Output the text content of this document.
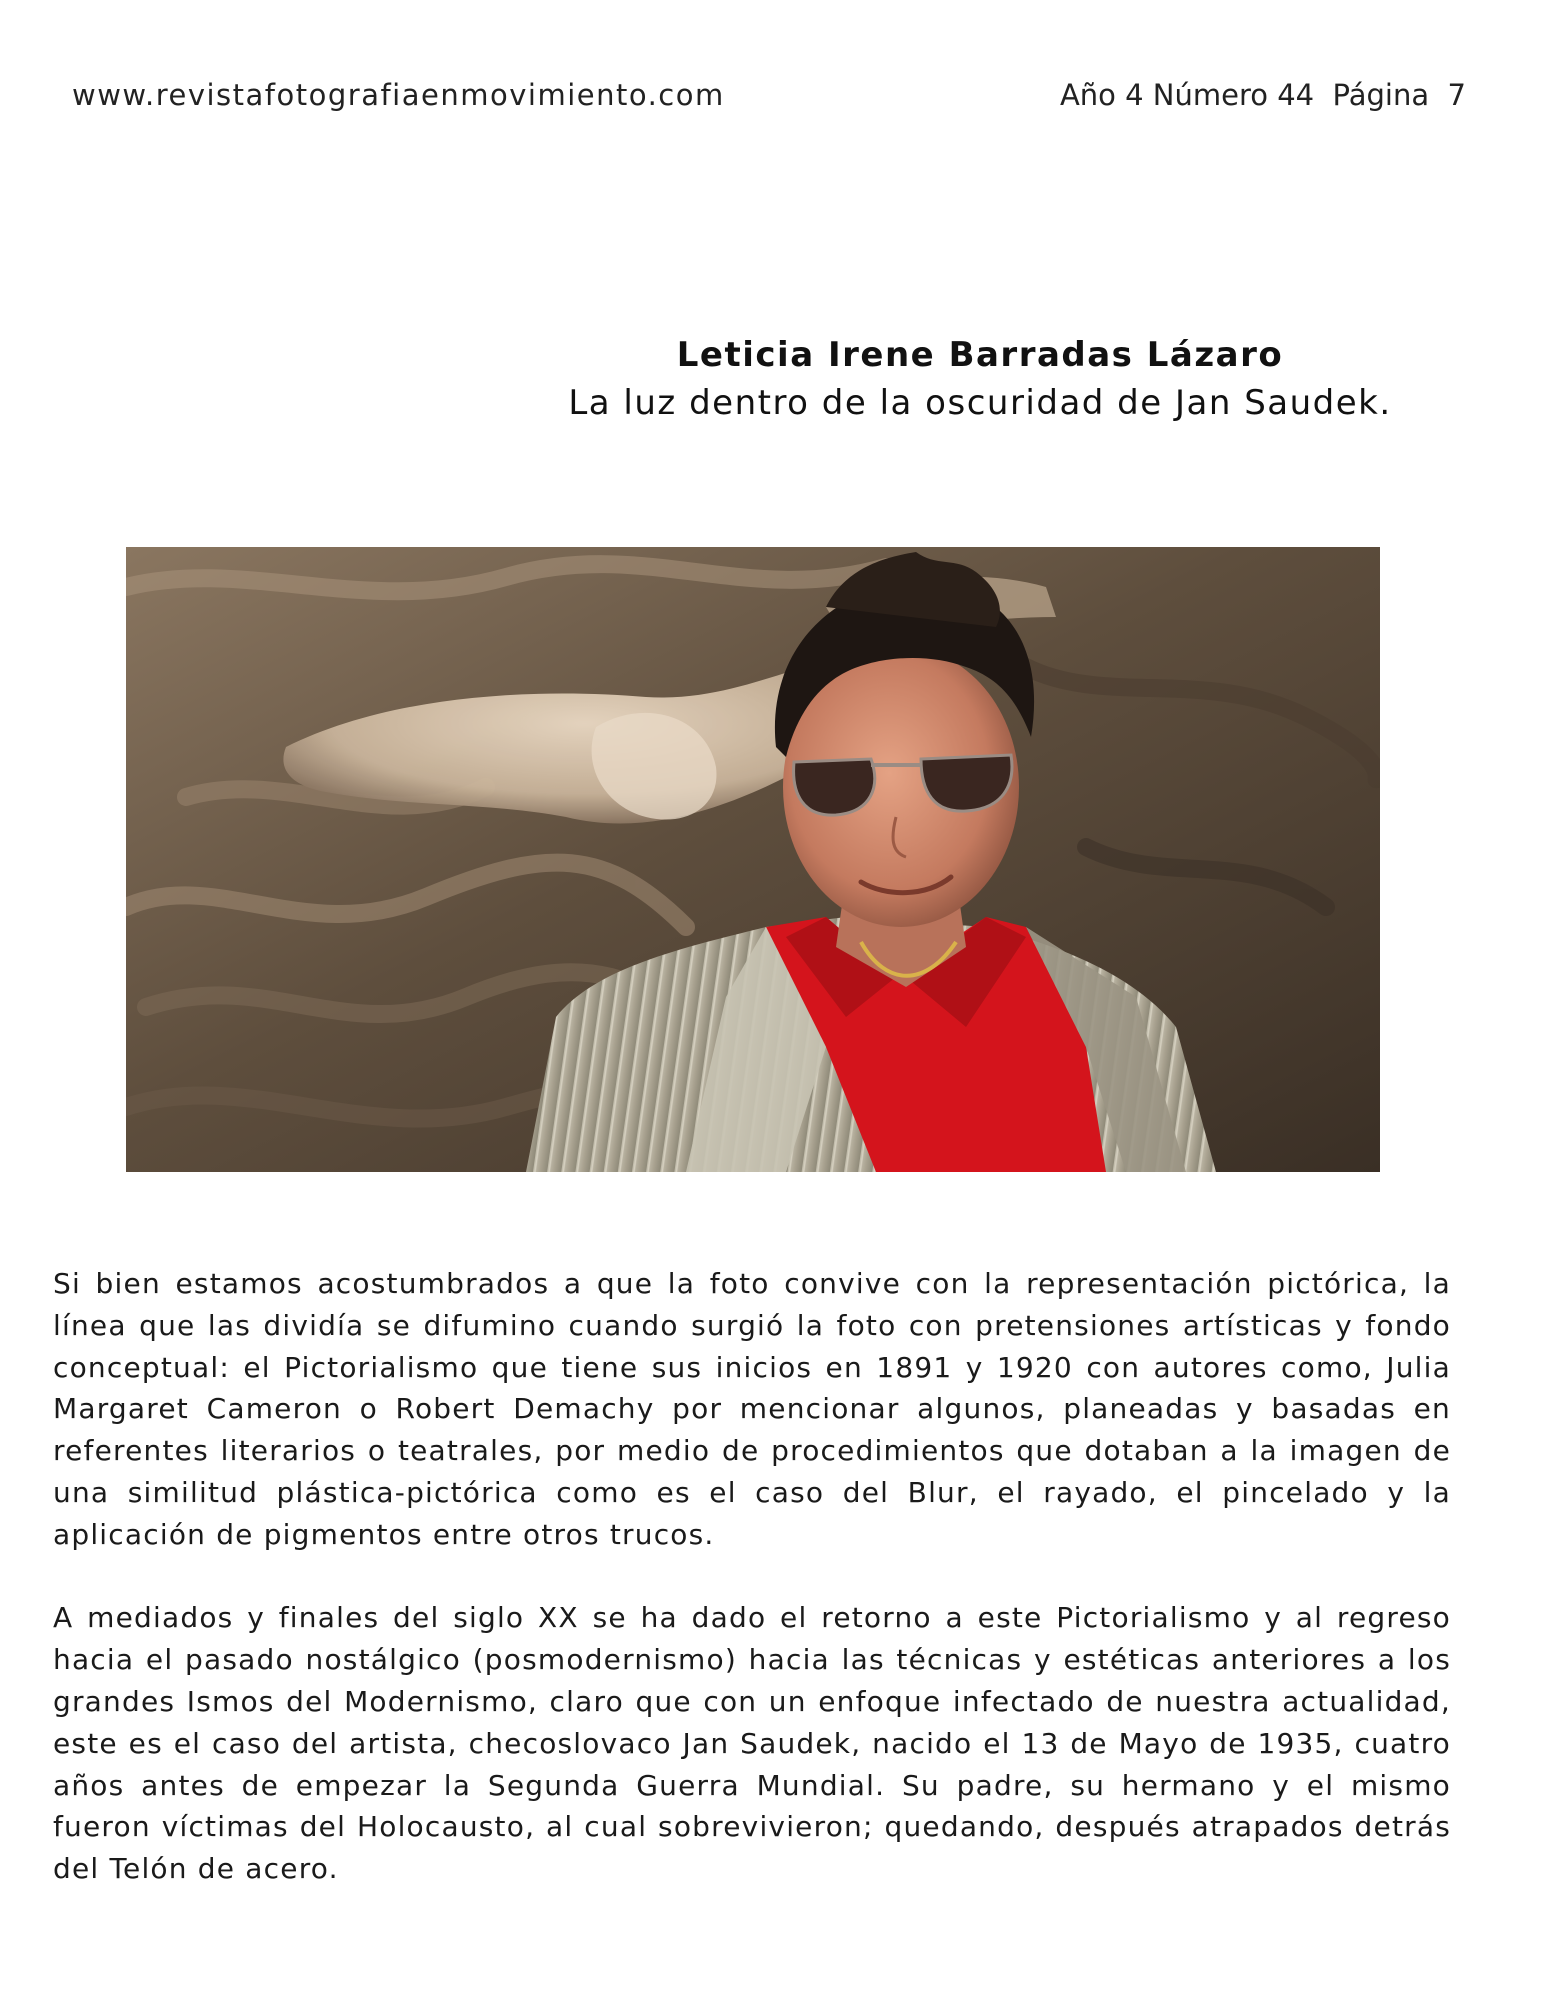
www.revistafotografiaenmovimiento.com	Año 4 Número 44  Página  7
Leticia Irene Barradas Lázaro
La luz dentro de la oscuridad de Jan Saudek.

Si bien estamos acostumbrados a que la foto convive con la representación pictórica, la línea que las dividía se difumino cuando surgió la foto con pretensiones artísticas y fondo conceptual: el Pictorialismo que tiene sus inicios en 1891 y 1920 con autores como, Julia Margaret Cameron o Robert Demachy por mencionar algunos, planeadas y basadas en referentes literarios o teatrales, por medio de procedimientos que dotaban a la imagen de una similitud plástica-pictórica como es el caso del Blur, el rayado, el pincelado y la aplicación de pigmentos entre otros trucos.

A mediados y finales del siglo XX se ha dado el retorno a este Pictorialismo y al regreso hacia el pasado nostálgico (posmodernismo) hacia las técnicas y estéticas anteriores a los grandes Ismos del Modernismo, claro que con un enfoque infectado de nuestra actualidad, este es el caso del artista, checoslovaco Jan Saudek, nacido el 13 de Mayo de 1935, cuatro años antes de empezar la Segunda Guerra Mundial. Su padre, su hermano y el mismo fueron víctimas del Holocausto, al cual sobrevivieron; quedando, después atrapados detrás del Telón de acero.
